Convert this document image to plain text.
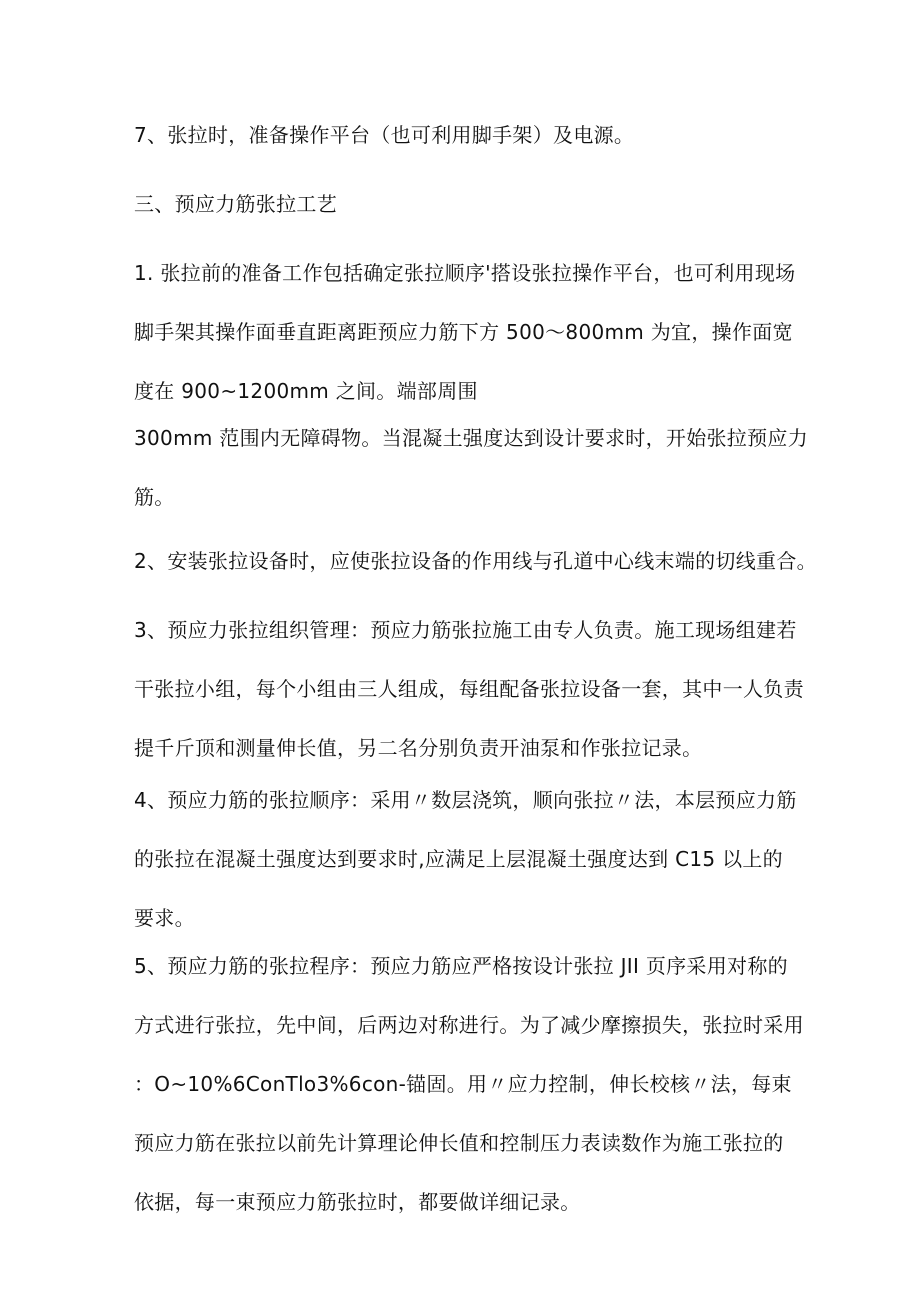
7、张拉时，准备操作平台（也可利用脚手架）及电源。

三、预应力筋张拉工艺

1. 张拉前的准备工作包括确定张拉顺序'搭设张拉操作平台，也可利用现场
脚手架其操作面垂直距离距预应力筋下方 500～800mm 为宜，操作面宽
度在 900~1200mm 之间。端部周围

300mm 范围内无障碍物。当混凝土强度达到设计要求时，开始张拉预应力
筋。

2、安装张拉设备时，应使张拉设备的作用线与孔道中心线末端的切线重合。

3、预应力张拉组织管理：预应力筋张拉施工由专人负责。施工现场组建若
干张拉小组，每个小组由三人组成，每组配备张拉设备一套，其中一人负责
提千斤顶和测量伸长值，另二名分别负责开油泵和作张拉记录。

4、预应力筋的张拉顺序：采用〃数层浇筑，顺向张拉〃法，本层预应力筋
的张拉在混凝土强度达到要求时,应满足上层混凝土强度达到 C15 以上的
要求。

5、预应力筋的张拉程序：预应力筋应严格按设计张拉 JII 页序采用对称的
方式进行张拉，先中间，后两边对称进行。为了减少摩擦损失，张拉时采用
：O~10%6ConTlo3%6con-锚固。用〃应力控制，伸长校核〃法，每束
预应力筋在张拉以前先计算理论伸长值和控制压力表读数作为施工张拉的
依据，每一束预应力筋张拉时，都要做详细记录。
